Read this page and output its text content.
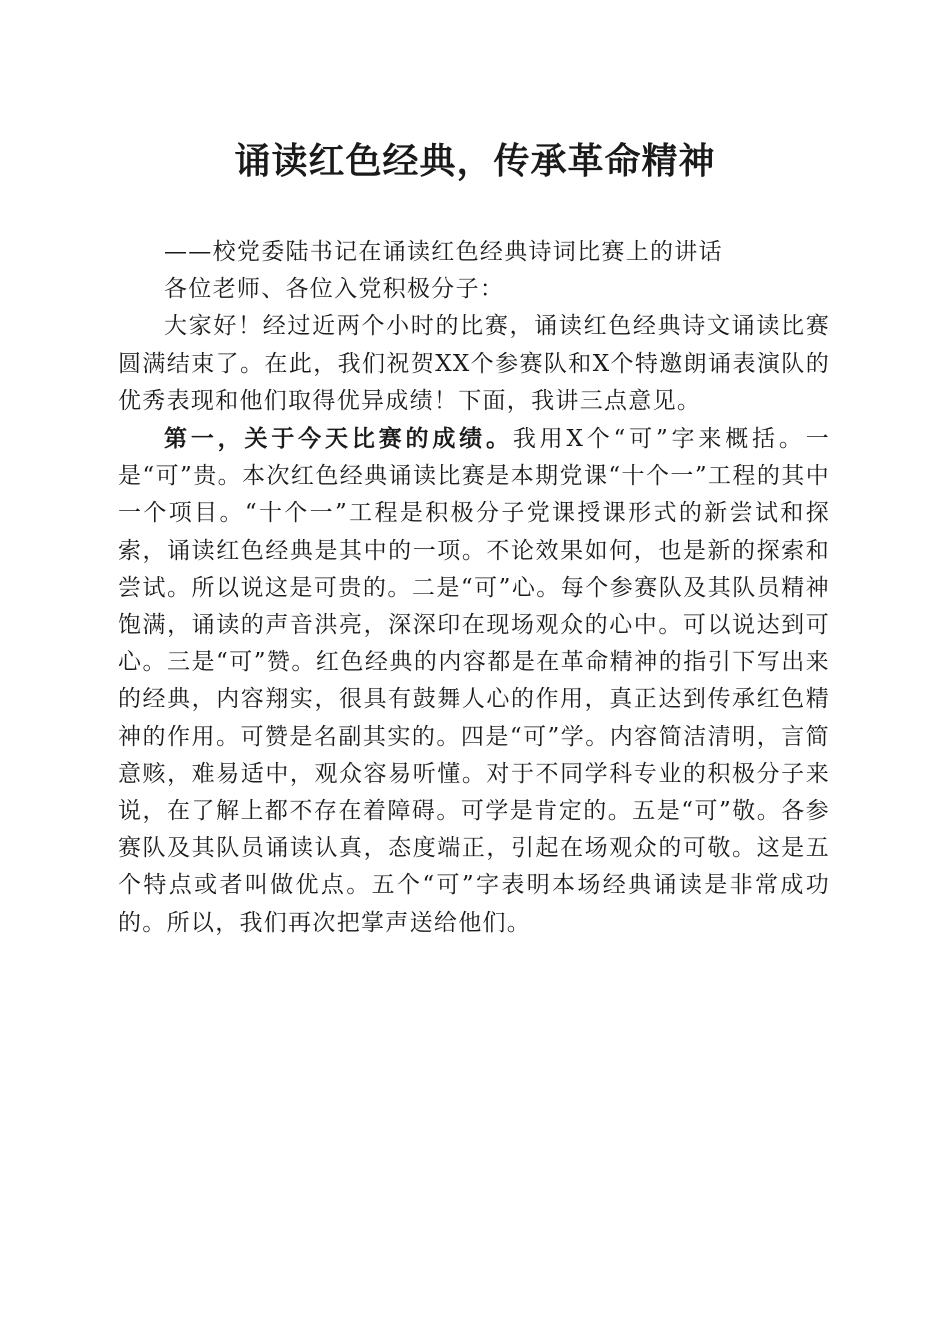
诵读红色经典，传承革命精神

——校党委陆书记在诵读红色经典诗词比赛上的讲话

各位老师、各位入党积极分子：

大家好！经过近两个小时的比赛，诵读红色经典诗文诵读比赛圆满结束了。在此，我们祝贺XX个参赛队和X个特邀朗诵表演队的优秀表现和他们取得优异成绩！下面，我讲三点意见。

第一，关于今天比赛的成绩。我用X个“可”字来概括。一是“可”贵。本次红色经典诵读比赛是本期党课“十个一”工程的其中一个项目。“十个一”工程是积极分子党课授课形式的新尝试和探索，诵读红色经典是其中的一项。不论效果如何，也是新的探索和尝试。所以说这是可贵的。二是“可”心。每个参赛队及其队员精神饱满，诵读的声音洪亮，深深印在现场观众的心中。可以说达到可心。三是“可”赞。红色经典的内容都是在革命精神的指引下写出来的经典，内容翔实，很具有鼓舞人心的作用，真正达到传承红色精神的作用。可赞是名副其实的。四是“可”学。内容简洁清明，言简意赅，难易适中，观众容易听懂。对于不同学科专业的积极分子来说，在了解上都不存在着障碍。可学是肯定的。五是“可”敬。各参赛队及其队员诵读认真，态度端正，引起在场观众的可敬。这是五个特点或者叫做优点。五个“可”字表明本场经典诵读是非常成功的。所以，我们再次把掌声送给他们。
